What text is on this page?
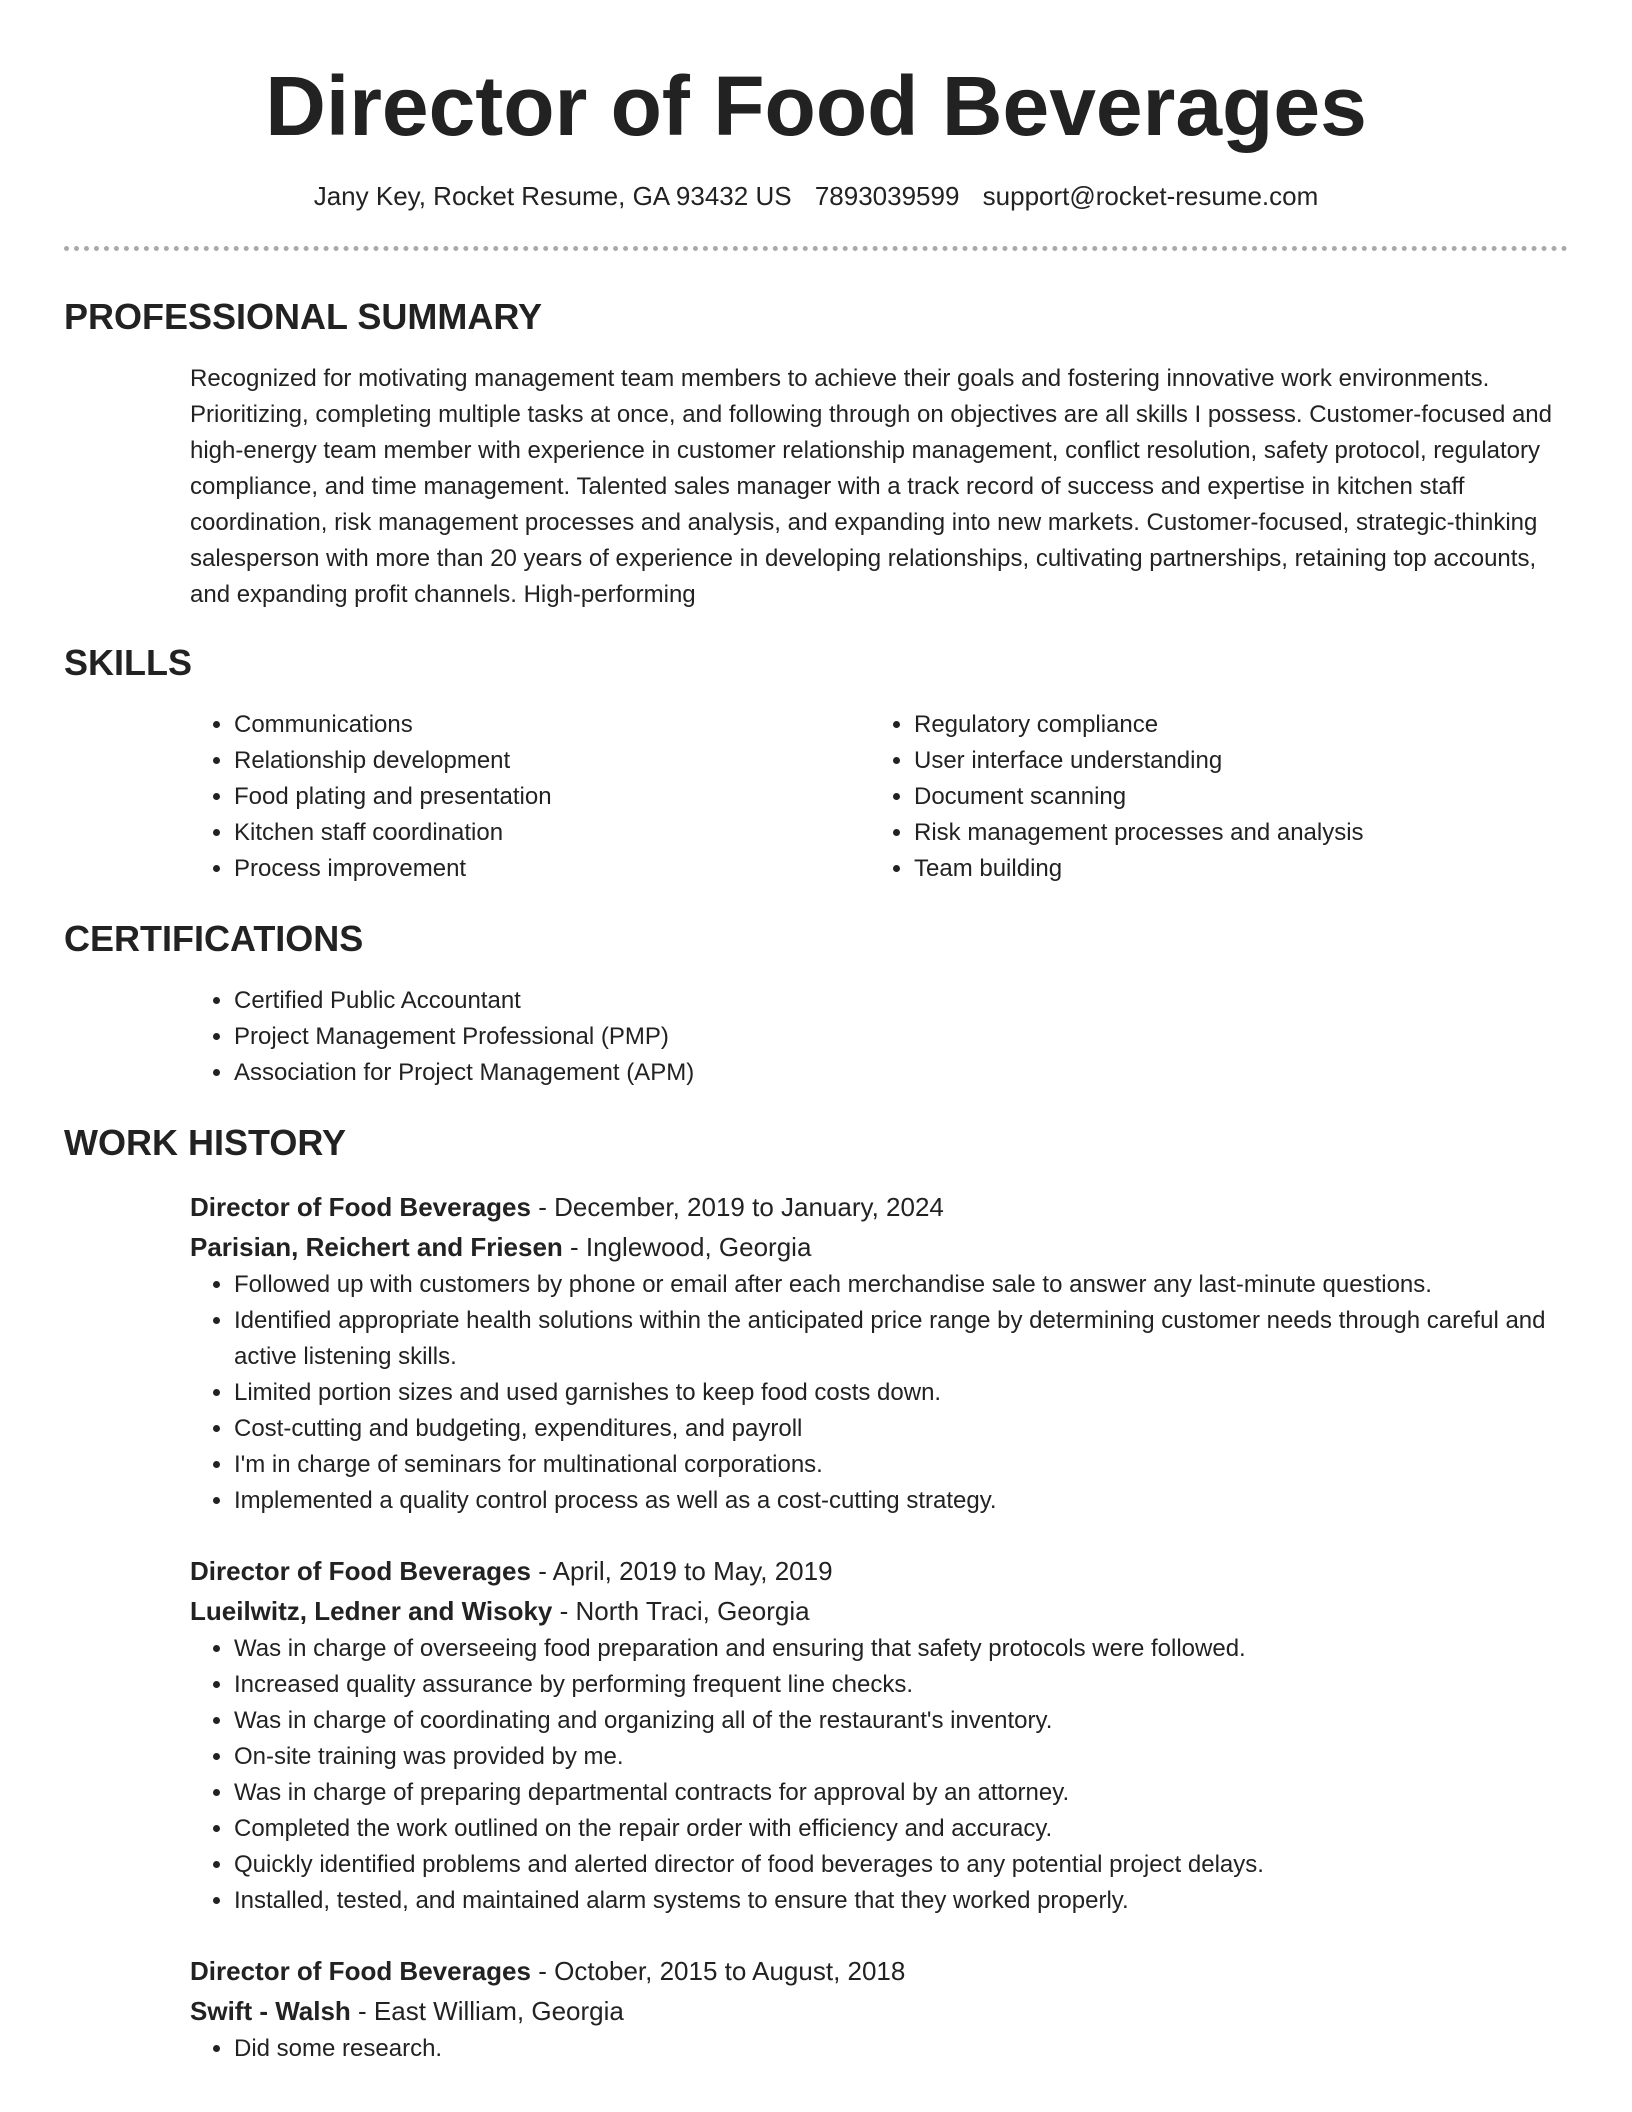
Director of Food Beverages
Jany Key, Rocket Resume, GA 93432 US 7893039599 support@rocket-resume.com
PROFESSIONAL SUMMARY

Recognized for motivating management team members to achieve their goals and fostering innovative work environments. Prioritizing, completing multiple tasks at once, and following through on objectives are all skills I possess. Customer-focused and high-energy team member with experience in customer relationship management, conflict resolution, safety protocol, regulatory compliance, and time management. Talented sales manager with a track record of success and expertise in kitchen staff coordination, risk management processes and analysis, and expanding into new markets. Customer-focused, strategic-thinking salesperson with more than 20 years of experience in developing relationships, cultivating partnerships, retaining top accounts, and expanding profit channels. High-performing

SKILLS
• Communications
• Relationship development
• Food plating and presentation
• Kitchen staff coordination
• Process improvement
• Regulatory compliance
• User interface understanding
• Document scanning
• Risk management processes and analysis
• Team building
CERTIFICATIONS
• Certified Public Accountant
• Project Management Professional (PMP)
• Association for Project Management (APM)
WORK HISTORY
Director of Food Beverages - December, 2019 to January, 2024
Parisian, Reichert and Friesen - Inglewood, Georgia
• Followed up with customers by phone or email after each merchandise sale to answer any last-minute questions.
• Identified appropriate health solutions within the anticipated price range by determining customer needs through careful and active listening skills.
• Limited portion sizes and used garnishes to keep food costs down.
• Cost-cutting and budgeting, expenditures, and payroll
• I'm in charge of seminars for multinational corporations.
• Implemented a quality control process as well as a cost-cutting strategy.
Director of Food Beverages - April, 2019 to May, 2019
Lueilwitz, Ledner and Wisoky - North Traci, Georgia
• Was in charge of overseeing food preparation and ensuring that safety protocols were followed.
• Increased quality assurance by performing frequent line checks.
• Was in charge of coordinating and organizing all of the restaurant's inventory.
• On-site training was provided by me.
• Was in charge of preparing departmental contracts for approval by an attorney.
• Completed the work outlined on the repair order with efficiency and accuracy.
• Quickly identified problems and alerted director of food beverages to any potential project delays.
• Installed, tested, and maintained alarm systems to ensure that they worked properly.
Director of Food Beverages - October, 2015 to August, 2018
Swift - Walsh - East William, Georgia
• Did some research.
